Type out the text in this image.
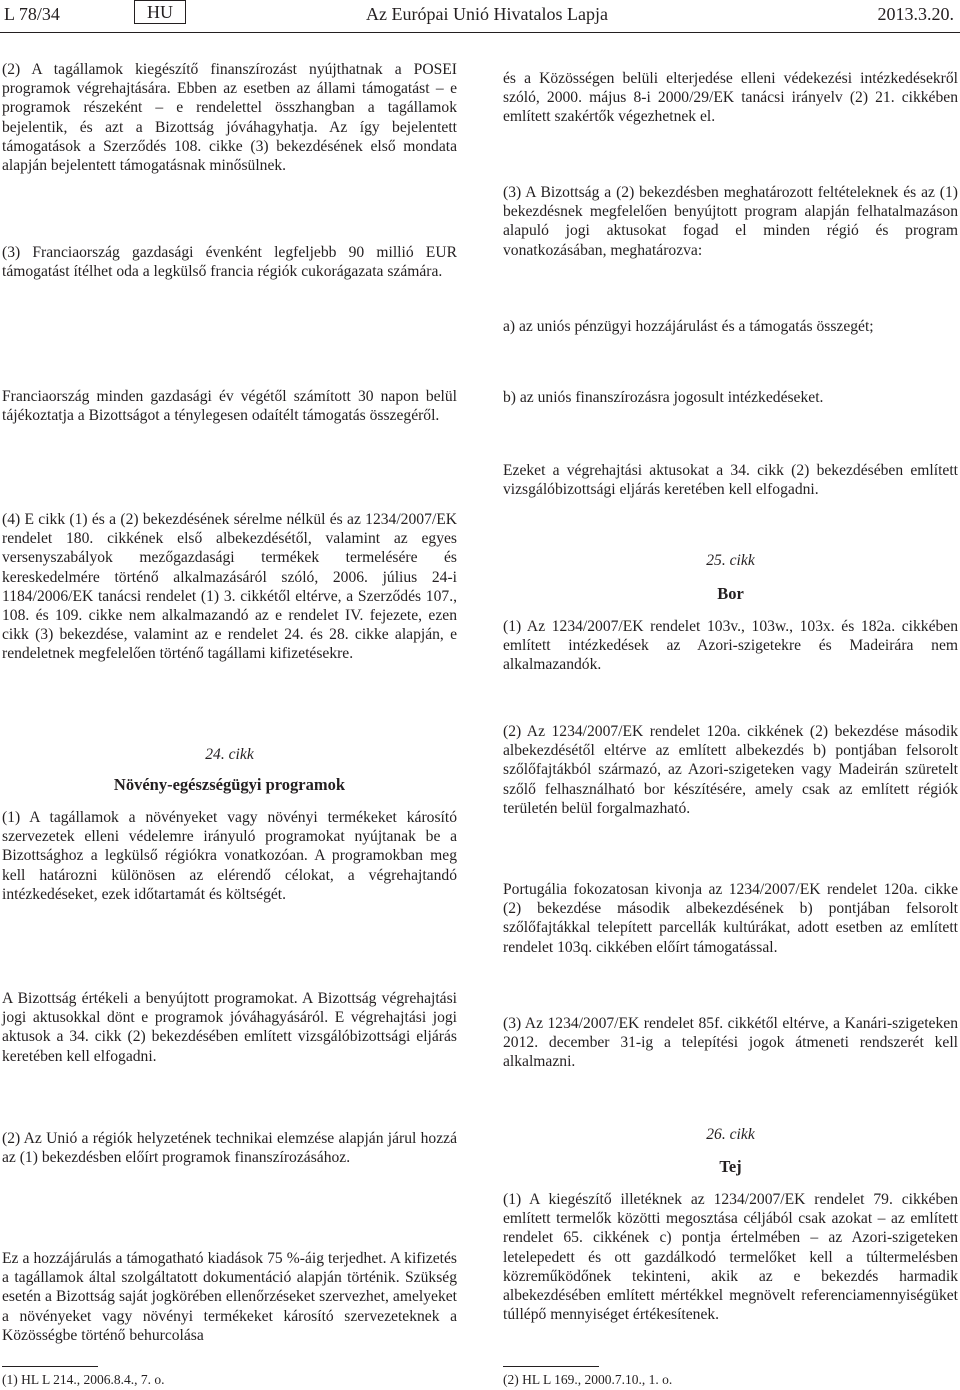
L 78/34	HU	Az Európai Unió Hivatalos Lapja	2013.3.20.

(2) A tagállamok kiegészítő finanszírozást nyújthatnak a POSEI programok végrehajtására. Ebben az esetben az állami támogatást – e programok részeként – e rendelettel összhangban a tagállamok bejelentik, és azt a Bizottság jóváhagyhatja. Az így bejelentett támogatások a Szerződés 108. cikke (3) bekezdésének első mondata alapján bejelentett támogatásnak minősülnek.

(3) Franciaország gazdasági évenként legfeljebb 90 millió EUR támogatást ítélhet oda a legkülső francia régiók cukorágazata számára.

Franciaország minden gazdasági év végétől számított 30 napon belül tájékoztatja a Bizottságot a ténylegesen odaítélt támogatás összegéről.

(4) E cikk (1) és a (2) bekezdésének sérelme nélkül és az 1234/2007/EK rendelet 180. cikkének első albekezdésétől, valamint az egyes versenyszabályok mezőgazdasági termékek termelésére és kereskedelmére történő alkalmazásáról szóló, 2006. július 24-i 1184/2006/EK tanácsi rendelet (1) 3. cikkétől eltérve, a Szerződés 107., 108. és 109. cikke nem alkalmazandó az e rendelet IV. fejezete, ezen cikk (3) bekezdése, valamint az e rendelet 24. és 28. cikke alapján, e rendeletnek megfelelően történő tagállami kifizetésekre.

24. cikk
Növény-egészségügyi programok

(1) A tagállamok a növényeket vagy növényi termékeket károsító szervezetek elleni védelemre irányuló programokat nyújtanak be a Bizottsághoz a legkülső régiókra vonatkozóan. A programokban meg kell határozni különösen az elérendő célokat, a végrehajtandó intézkedéseket, ezek időtartamát és költségét.

A Bizottság értékeli a benyújtott programokat. A Bizottság végrehajtási jogi aktusokkal dönt e programok jóváhagyásáról. E végrehajtási jogi aktusok a 34. cikk (2) bekezdésében említett vizsgálóbizottsági eljárás keretében kell elfogadni.

(2) Az Unió a régiók helyzetének technikai elemzése alapján járul hozzá az (1) bekezdésben előírt programok finanszírozásához.

Ez a hozzájárulás a támogatható kiadások 75 %-áig terjedhet. A kifizetés a tagállamok által szolgáltatott dokumentáció alapján történik. Szükség esetén a Bizottság saját jogkörében ellenőrzéseket szervezhet, amelyeket a növényeket vagy növényi termékeket károsító szervezeteknek a Közösségbe történő behurcolása

(1) HL L 214., 2006.8.4., 7. o.

és a Közösségen belüli elterjedése elleni védekezési intézkedésekről szóló, 2000. május 8-i 2000/29/EK tanácsi irányelv (2) 21. cikkében említett szakértők végezhetnek el.

(3) A Bizottság a (2) bekezdésben meghatározott feltételeknek és az (1) bekezdésnek megfelelően benyújtott program alapján felhatalmazáson alapuló jogi aktusokat fogad el minden régió és program vonatkozásában, meghatározva:

a) az uniós pénzügyi hozzájárulást és a támogatás összegét;

b) az uniós finanszírozásra jogosult intézkedéseket.

Ezeket a végrehajtási aktusokat a 34. cikk (2) bekezdésében említett vizsgálóbizottsági eljárás keretében kell elfogadni.

25. cikk
Bor

(1) Az 1234/2007/EK rendelet 103v., 103w., 103x. és 182a. cikkében említett intézkedések az Azori-szigetekre és Madeirára nem alkalmazandók.

(2) Az 1234/2007/EK rendelet 120a. cikkének (2) bekezdése második albekezdésétől eltérve az említett albekezdés b) pontjában felsorolt szőlőfajtákból származó, az Azori-szigeteken vagy Madeirán szüretelt szőlő felhasználható bor készítésére, amely csak az említett régiók területén belül forgalmazható.

Portugália fokozatosan kivonja az 1234/2007/EK rendelet 120a. cikke (2) bekezdése második albekezdésének b) pontjában felsorolt szőlőfajtákkal telepített parcellák kultúrákat, adott esetben az említett rendelet 103q. cikkében előírt támogatással.

(3) Az 1234/2007/EK rendelet 85f. cikkétől eltérve, a Kanári-szigeteken 2012. december 31-ig a telepítési jogok átmeneti rendszerét kell alkalmazni.

26. cikk
Tej

(1) A kiegészítő illetéknek az 1234/2007/EK rendelet 79. cikkében említett termelők közötti megosztása céljából csak azokat – az említett rendelet 65. cikkének c) pontja értelmében – az Azori-szigeteken letelepedett és ott gazdálkodó termelőket kell a túltermelésben közreműködőnek tekinteni, akik az e bekezdés harmadik albekezdésében említett mértékkel megnövelt referenciamennyiségüket túllépő mennyiséget értékesítenek.

(2) HL L 169., 2000.7.10., 1. o.
